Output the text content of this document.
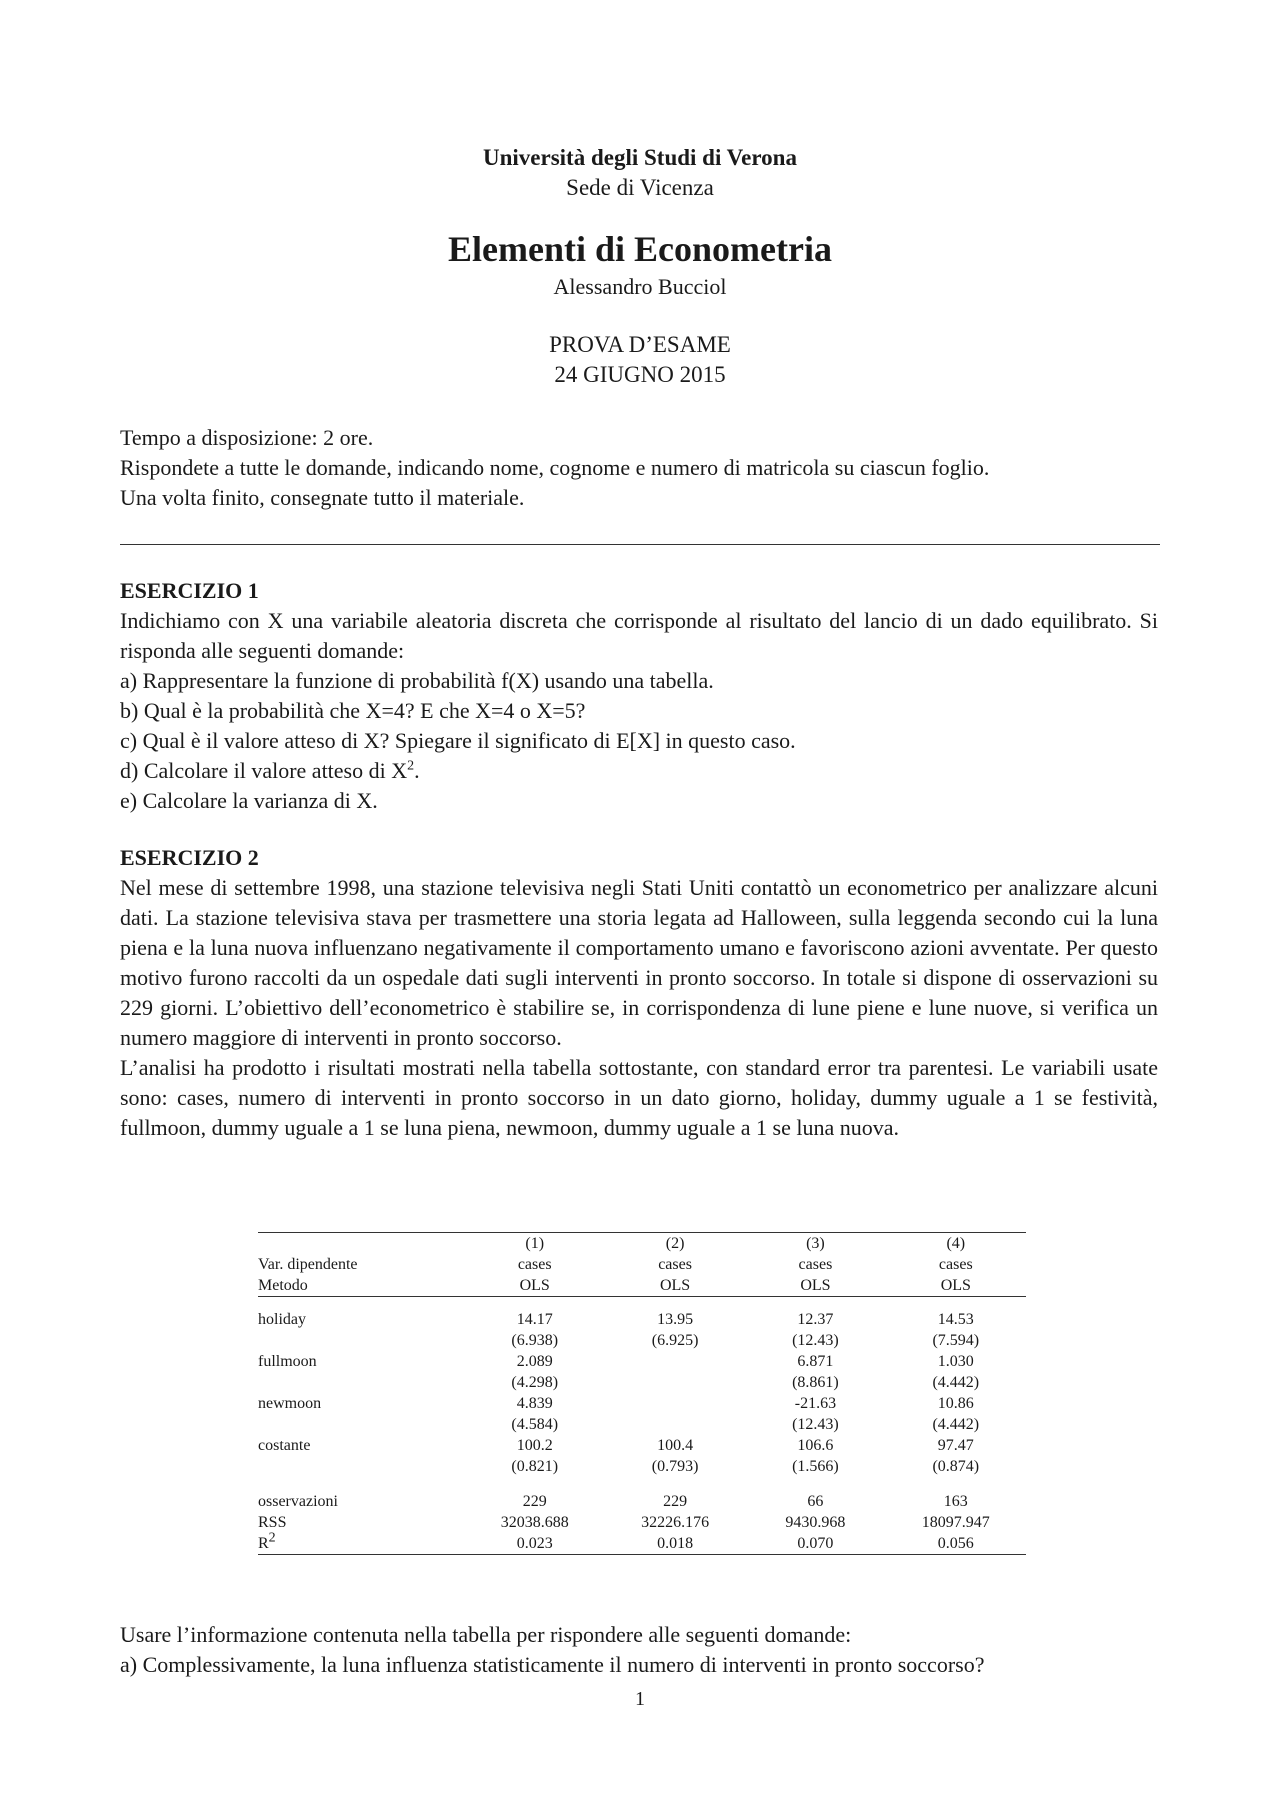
Università degli Studi di Verona
Sede di Vicenza
Elementi di Econometria
Alessandro Bucciol
PROVA D’ESAME
24 GIUGNO 2015

Tempo a disposizione: 2 ore.

Rispondete a tutte le domande, indicando nome, cognome e numero di matricola su ciascun foglio.

Una volta finito, consegnate tutto il materiale.

ESERCIZIO 1

Indichiamo con X una variabile aleatoria discreta che corrisponde al risultato del lancio di un dado equilibrato. Si risponda alle seguenti domande:

a) Rappresentare la funzione di probabilità f(X) usando una tabella.

b) Qual è la probabilità che X=4? E che X=4 o X=5?

c) Qual è il valore atteso di X? Spiegare il significato di E[X] in questo caso.

d) Calcolare il valore atteso di $X^2$.

e) Calcolare la varianza di X.

ESERCIZIO 2

Nel mese di settembre 1998, una stazione televisiva negli Stati Uniti contattò un econometrico per analizzare alcuni dati. La stazione televisiva stava per trasmettere una storia legata ad Halloween, sulla leggenda secondo cui la luna piena e la luna nuova influenzano negativamente il comportamento umano e favoriscono azioni avventate. Per questo motivo furono raccolti da un ospedale dati sugli interventi in pronto soccorso. In totale si dispone di osservazioni su 229 giorni. L’obiettivo dell’econometrico è stabilire se, in corrispondenza di lune piene e lune nuove, si verifica un numero maggiore di interventi in pronto soccorso.

L’analisi ha prodotto i risultati mostrati nella tabella sottostante, con standard error tra parentesi. Le variabili usate sono: cases, numero di interventi in pronto soccorso in un dato giorno, holiday, dummy uguale a 1 se festività, fullmoon, dummy uguale a 1 se luna piena, newmoon, dummy uguale a 1 se luna nuova.

	(1)	(2)	(3)	(4)
Var. dipendente	cases	cases	cases	cases
Metodo	OLS	OLS	OLS	OLS

holiday	14.17	13.95	12.37	14.53
	(6.938)	(6.925)	(12.43)	(7.594)
fullmoon	2.089		6.871	1.030
	(4.298)		(8.861)	(4.442)
newmoon	4.839		-21.63	10.86
	(4.584)		(12.43)	(4.442)
costante	100.2	100.4	106.6	97.47
	(0.821)	(0.793)	(1.566)	(0.874)

osservazioni	229	229	66	163
RSS	32038.688	32226.176	9430.968	18097.947
R2	0.023	0.018	0.070	0.056

Usare l’informazione contenuta nella tabella per rispondere alle seguenti domande:

a) Complessivamente, la luna influenza statisticamente il numero di interventi in pronto soccorso?

1
